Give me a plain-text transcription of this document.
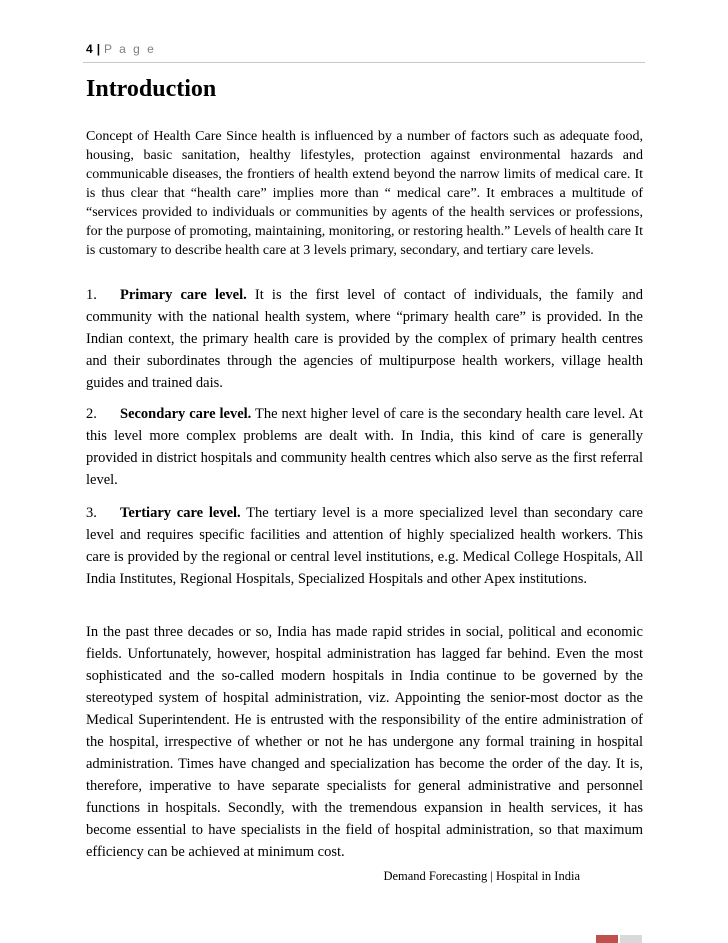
4 | P a g e
Introduction

Concept of Health Care Since health is influenced by a number of factors such as adequate food, housing, basic sanitation, healthy lifestyles, protection against environmental hazards and communicable diseases, the frontiers of health extend beyond the narrow limits of medical care. It is thus clear that “health care” implies more than “ medical care”. It embraces a multitude of “services provided to individuals or communities by agents of the health services or professions, for the purpose of promoting, maintaining, monitoring, or restoring health.” Levels of health care It is customary to describe health care at 3 levels primary, secondary, and tertiary care levels.

1. Primary care level. It is the first level of contact of individuals, the family and community with the national health system, where “primary health care” is provided. In the Indian context, the primary health care is provided by the complex of primary health centres and their subordinates through the agencies of multipurpose health workers, village health guides and trained dais.

2. Secondary care level. The next higher level of care is the secondary health care level. At this level more complex problems are dealt with. In India, this kind of care is generally provided in district hospitals and community health centres which also serve as the first referral level.

3. Tertiary care level. The tertiary level is a more specialized level than secondary care level and requires specific facilities and attention of highly specialized health workers. This care is provided by the regional or central level institutions, e.g. Medical College Hospitals, All India Institutes, Regional Hospitals, Specialized Hospitals and other Apex institutions.

In the past three decades or so, India has made rapid strides in social, political and economic fields. Unfortunately, however, hospital administration has lagged far behind. Even the most sophisticated and the so-called modern hospitals in India continue to be governed by the stereotyped system of hospital administration, viz. Appointing the senior-most doctor as the Medical Superintendent. He is entrusted with the responsibility of the entire administration of the hospital, irrespective of whether or not he has undergone any formal training in hospital administration. Times have changed and specialization has become the order of the day. It is, therefore, imperative to have separate specialists for general administrative and personnel functions in hospitals. Secondly, with the tremendous expansion in health services, it has become essential to have specialists in the field of hospital administration, so that maximum efficiency can be achieved at minimum cost.

Demand Forecasting | Hospital in India
